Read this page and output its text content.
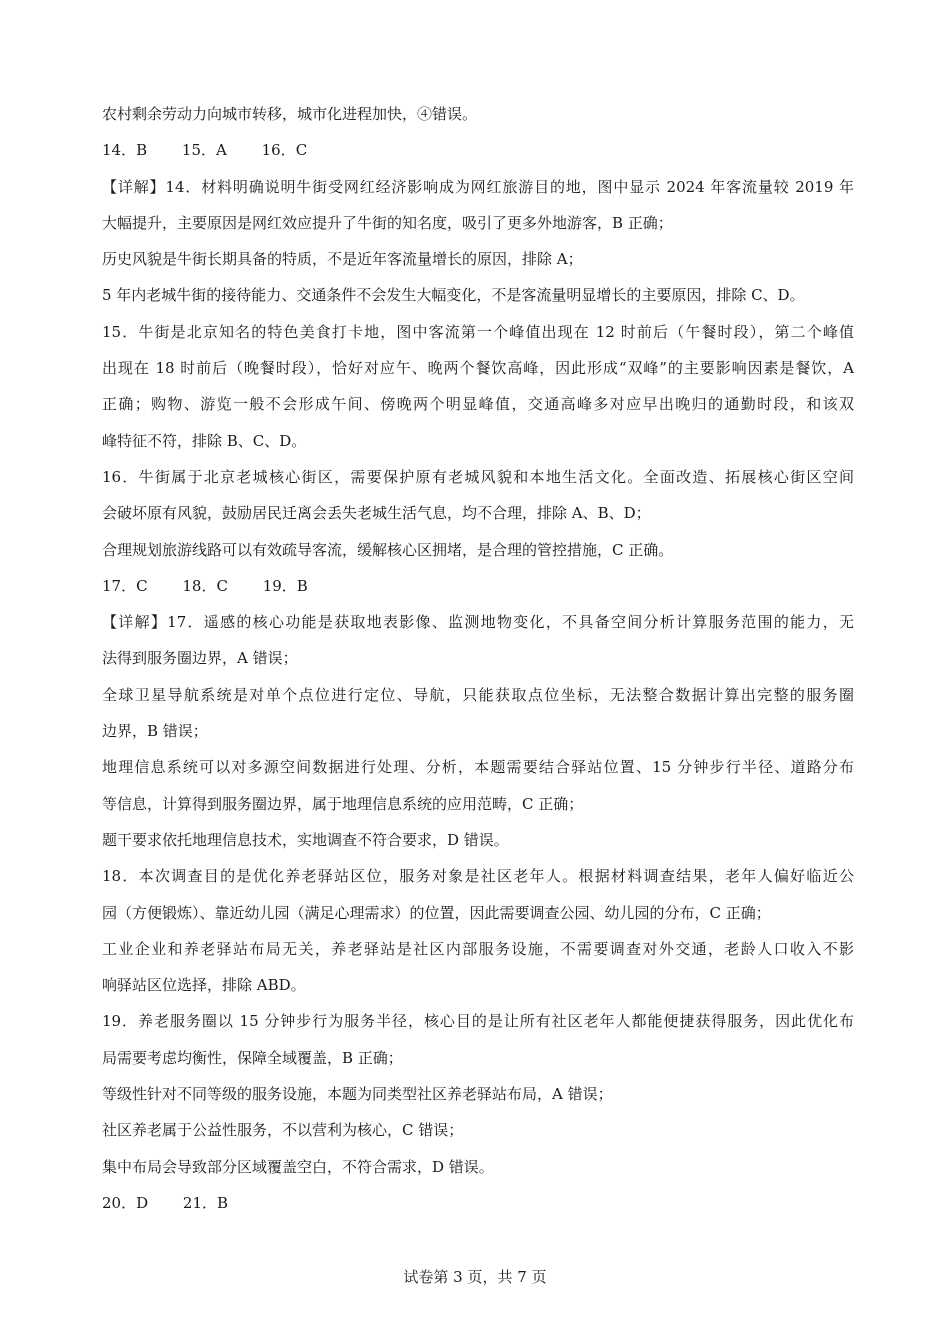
农村剩余劳动力向城市转移，城市化进程加快，④错误。
14．B 15．A 16．C
【详解】14．材料明确说明牛街受网红经济影响成为网红旅游目的地，图中显示 2024 年客流量较 2019 年
大幅提升，主要原因是网红效应提升了牛街的知名度，吸引了更多外地游客，B 正确；
历史风貌是牛街长期具备的特质，不是近年客流量增长的原因，排除 A；
5 年内老城牛街的接待能力、交通条件不会发生大幅变化，不是客流量明显增长的主要原因，排除 C、D。
15．牛街是北京知名的特色美食打卡地，图中客流第一个峰值出现在 12 时前后（午餐时段），第二个峰值
出现在 18 时前后（晚餐时段），恰好对应午、晚两个餐饮高峰，因此形成“双峰”的主要影响因素是餐饮，A
正确；购物、游览一般不会形成午间、傍晚两个明显峰值，交通高峰多对应早出晚归的通勤时段，和该双
峰特征不符，排除 B、C、D。
16．牛街属于北京老城核心街区，需要保护原有老城风貌和本地生活文化。全面改造、拓展核心街区空间
会破坏原有风貌，鼓励居民迁离会丢失老城生活气息，均不合理，排除 A、B、D；
合理规划旅游线路可以有效疏导客流，缓解核心区拥堵，是合理的管控措施，C 正确。
17．C 18．C 19．B
【详解】17．遥感的核心功能是获取地表影像、监测地物变化，不具备空间分析计算服务范围的能力，无
法得到服务圈边界，A 错误；
全球卫星导航系统是对单个点位进行定位、导航，只能获取点位坐标，无法整合数据计算出完整的服务圈
边界，B 错误；
地理信息系统可以对多源空间数据进行处理、分析，本题需要结合驿站位置、15 分钟步行半径、道路分布
等信息，计算得到服务圈边界，属于地理信息系统的应用范畴，C 正确；
题干要求依托地理信息技术，实地调查不符合要求，D 错误。
18．本次调查目的是优化养老驿站区位，服务对象是社区老年人。根据材料调查结果，老年人偏好临近公
园（方便锻炼）、靠近幼儿园（满足心理需求）的位置，因此需要调查公园、幼儿园的分布，C 正确；
工业企业和养老驿站布局无关，养老驿站是社区内部服务设施，不需要调查对外交通，老龄人口收入不影
响驿站区位选择，排除 ABD。
19．养老服务圈以 15 分钟步行为服务半径，核心目的是让所有社区老年人都能便捷获得服务，因此优化布
局需要考虑均衡性，保障全域覆盖，B 正确；
等级性针对不同等级的服务设施，本题为同类型社区养老驿站布局，A 错误；
社区养老属于公益性服务，不以营利为核心，C 错误；
集中布局会导致部分区域覆盖空白，不符合需求，D 错误。
20．D 21．B
试卷第 3 页，共 7 页
